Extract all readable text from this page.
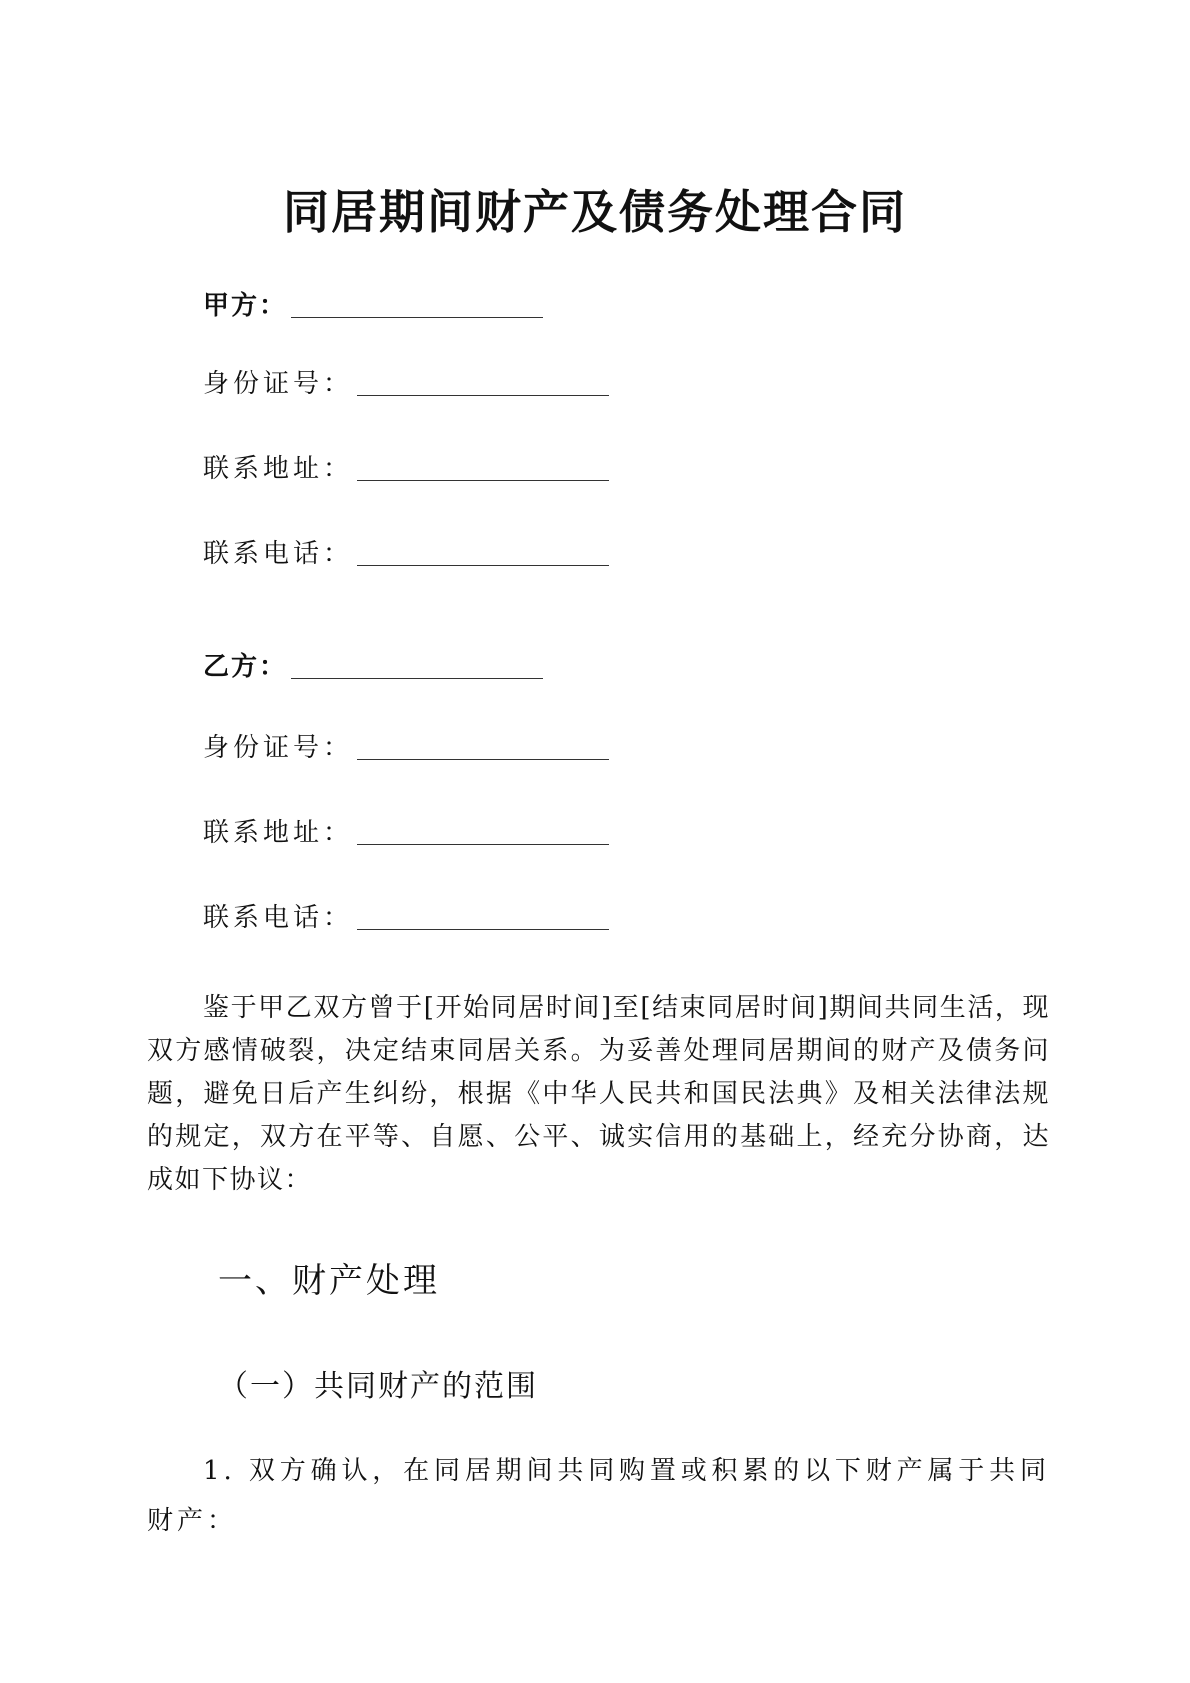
同居期间财产及债务处理合同
甲方：
身份证号：
联系地址：
联系电话：
乙方：
身份证号：
联系地址：
联系电话：
鉴于甲乙双方曾于[开始同居时间]至[结束同居时间]期间共同生活，现双方感情破裂，决定结束同居关系。为妥善处理同居期间的财产及债务问题，避免日后产生纠纷，根据《中华人民共和国民法典》及相关法律法规的规定，双方在平等、自愿、公平、诚实信用的基础上，经充分协商，达成如下协议：
一、财产处理
（一）共同财产的范围
1. 双方确认，在同居期间共同购置或积累的以下财产属于共同财产：
